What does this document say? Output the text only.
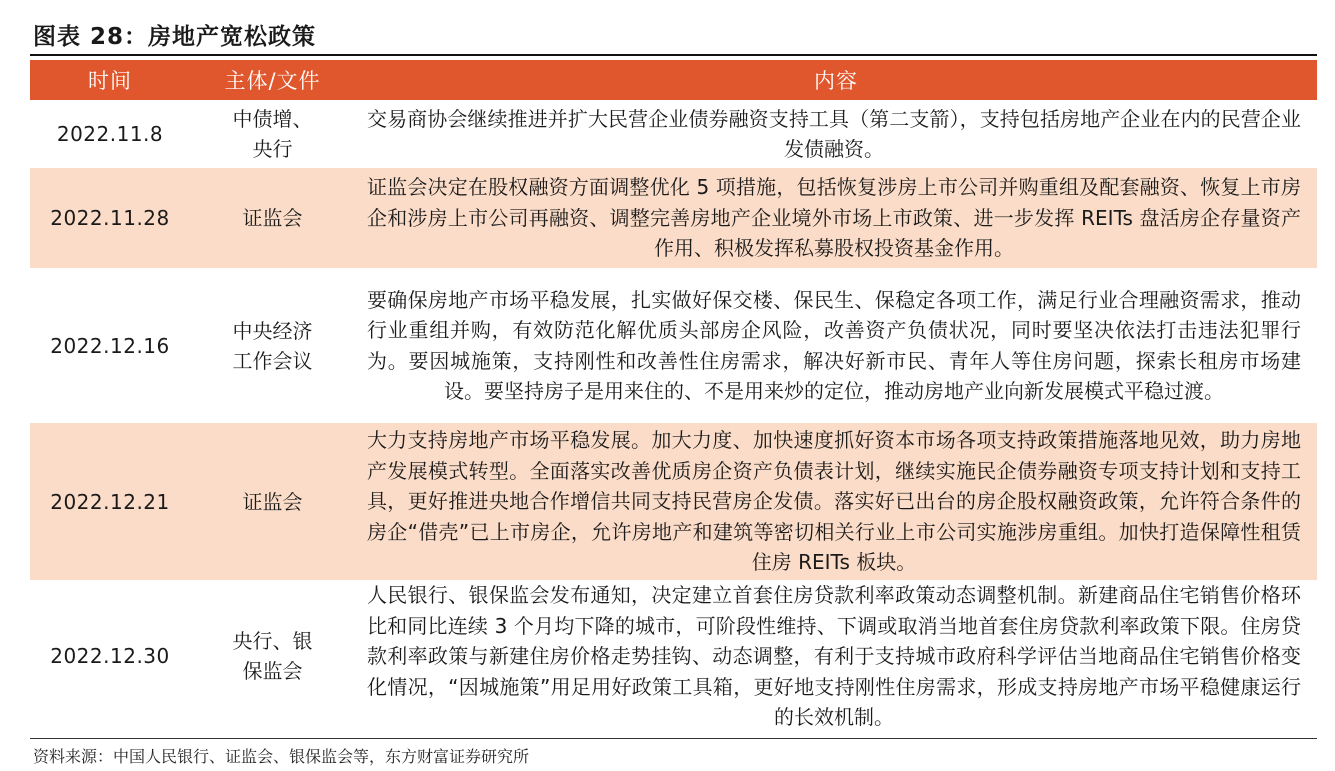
图表 28：房地产宽松政策
时间	主体/文件	内容
2022.11.8	中债增、央行	交易商协会继续推进并扩大民营企业债券融资支持工具（第二支箭），支持包括房地产企业在内的民营企业发债融资。
2022.11.28	证监会	证监会决定在股权融资方面调整优化 5 项措施，包括恢复涉房上市公司并购重组及配套融资、恢复上市房企和涉房上市公司再融资、调整完善房地产企业境外市场上市政策、进一步发挥 REITs 盘活房企存量资产作用、积极发挥私募股权投资基金作用。
2022.12.16	中央经济工作会议	要确保房地产市场平稳发展，扎实做好保交楼、保民生、保稳定各项工作，满足行业合理融资需求，推动行业重组并购，有效防范化解优质头部房企风险，改善资产负债状况，同时要坚决依法打击违法犯罪行为。要因城施策，支持刚性和改善性住房需求，解决好新市民、青年人等住房问题，探索长租房市场建设。要坚持房子是用来住的、不是用来炒的定位，推动房地产业向新发展模式平稳过渡。
2022.12.21	证监会	大力支持房地产市场平稳发展。加大力度、加快速度抓好资本市场各项支持政策措施落地见效，助力房地产发展模式转型。全面落实改善优质房企资产负债表计划，继续实施民企债券融资专项支持计划和支持工具，更好推进央地合作增信共同支持民营房企发债。落实好已出台的房企股权融资政策，允许符合条件的房企“借壳”已上市房企，允许房地产和建筑等密切相关行业上市公司实施涉房重组。加快打造保障性租赁住房 REITs 板块。
2022.12.30	央行、银保监会	人民银行、银保监会发布通知，决定建立首套住房贷款利率政策动态调整机制。新建商品住宅销售价格环比和同比连续 3 个月均下降的城市，可阶段性维持、下调或取消当地首套住房贷款利率政策下限。住房贷款利率政策与新建住房价格走势挂钩、动态调整，有利于支持城市政府科学评估当地商品住宅销售价格变化情况，“因城施策”用足用好政策工具箱，更好地支持刚性住房需求，形成支持房地产市场平稳健康运行的长效机制。
资料来源：中国人民银行、证监会、银保监会等，东方财富证券研究所
